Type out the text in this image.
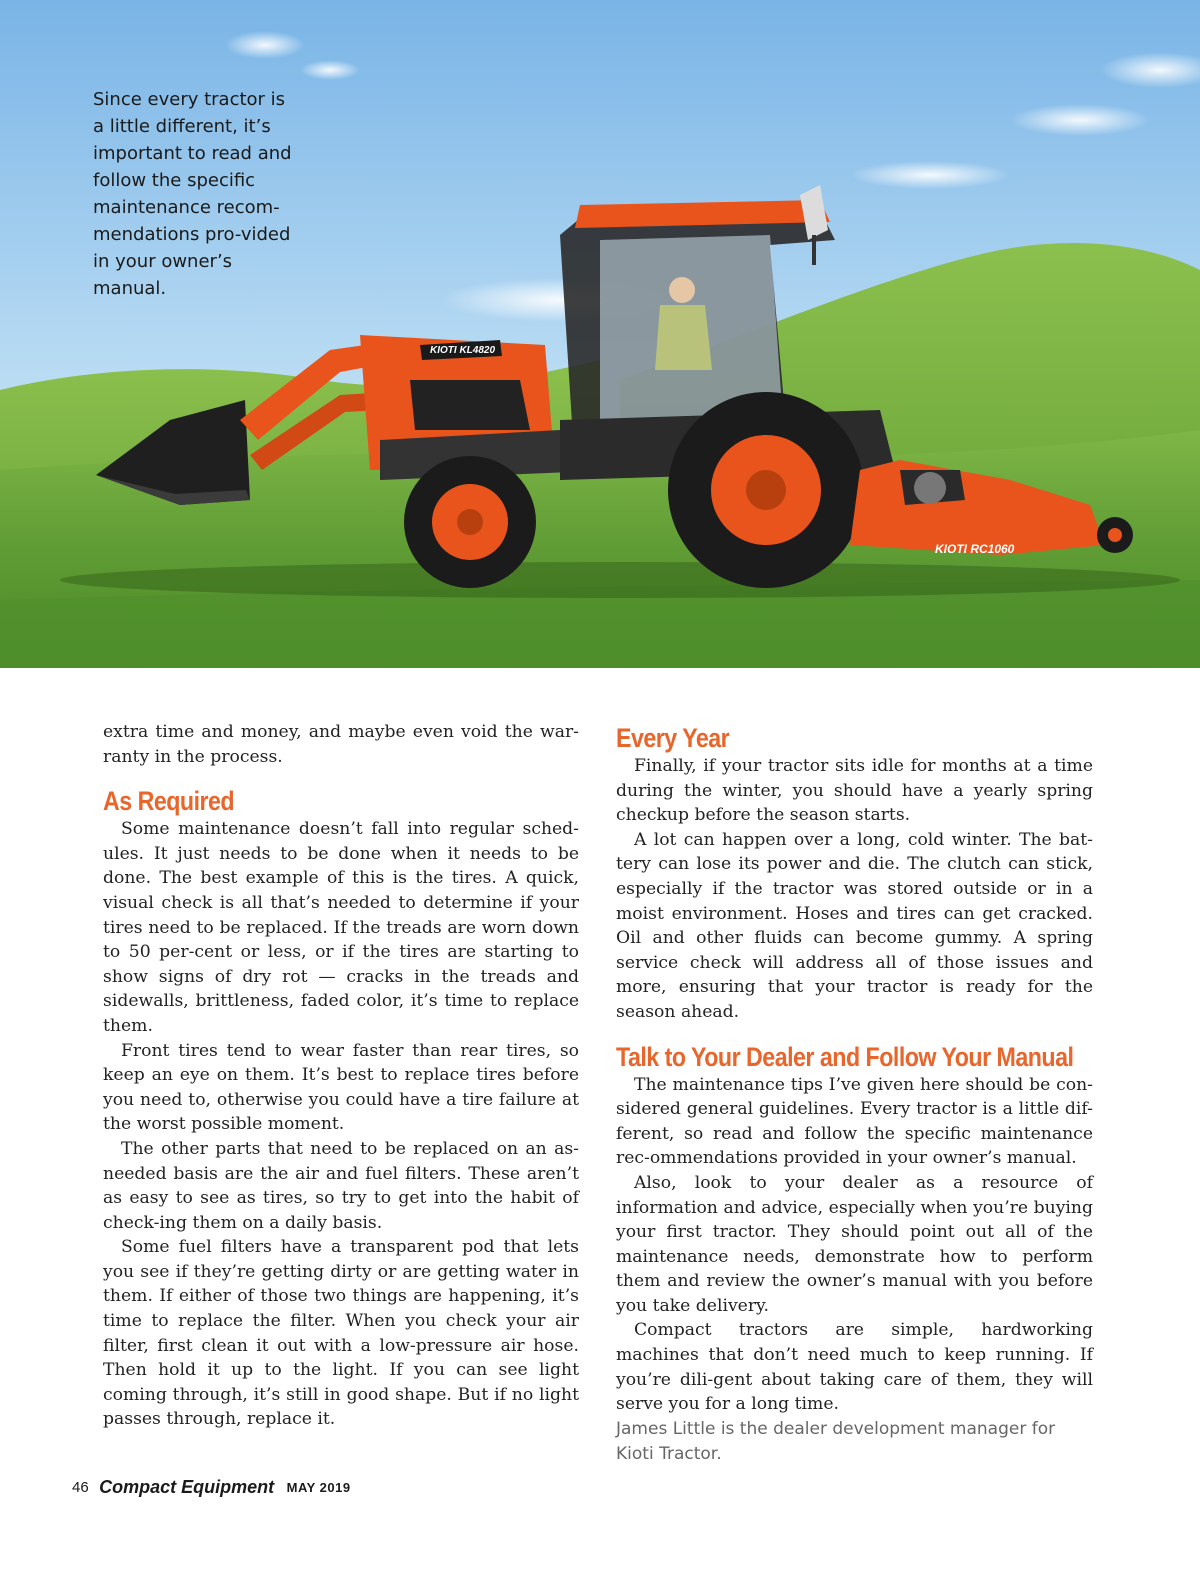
KIOTI KL4820
KIOTI RC1060

Since every tractor is a little different, it’s important to read and follow the specific maintenance recom-mendations pro-vided in your owner’s manual.

extra time and money, and maybe even void the war-ranty in the process.

As Required

Some maintenance doesn’t fall into regular sched-ules. It just needs to be done when it needs to be done. The best example of this is the tires. A quick, visual check is all that’s needed to determine if your tires need to be replaced. If the treads are worn down to 50 per-cent or less, or if the tires are starting to show signs of dry rot — cracks in the treads and sidewalls, brittleness, faded color, it’s time to replace them.

Front tires tend to wear faster than rear tires, so keep an eye on them. It’s best to replace tires before you need to, otherwise you could have a tire failure at the worst possible moment.

The other parts that need to be replaced on an as-needed basis are the air and fuel filters. These aren’t as easy to see as tires, so try to get into the habit of check-ing them on a daily basis.

Some fuel filters have a transparent pod that lets you see if they’re getting dirty or are getting water in them. If either of those two things are happening, it’s time to replace the filter. When you check your air filter, first clean it out with a low-pressure air hose. Then hold it up to the light. If you can see light coming through, it’s still in good shape. But if no light passes through, replace it.

Every Year

Finally, if your tractor sits idle for months at a time during the winter, you should have a yearly spring checkup before the season starts.

A lot can happen over a long, cold winter. The bat-tery can lose its power and die. The clutch can stick, especially if the tractor was stored outside or in a moist environment. Hoses and tires can get cracked. Oil and other fluids can become gummy. A spring service check will address all of those issues and more, ensuring that your tractor is ready for the season ahead.

Talk to Your Dealer and Follow Your Manual

The maintenance tips I’ve given here should be con-sidered general guidelines. Every tractor is a little dif-ferent, so read and follow the specific maintenance rec-ommendations provided in your owner’s manual.

Also, look to your dealer as a resource of information and advice, especially when you’re buying your first tractor. They should point out all of the maintenance needs, demonstrate how to perform them and review the owner’s manual with you before you take delivery.

Compact tractors are simple, hardworking machines that don’t need much to keep running. If you’re dili-gent about taking care of them, they will serve you for a long time.

James Little is the dealer development manager for Kioti Tractor.

46 Compact Equipment MAY 2019
